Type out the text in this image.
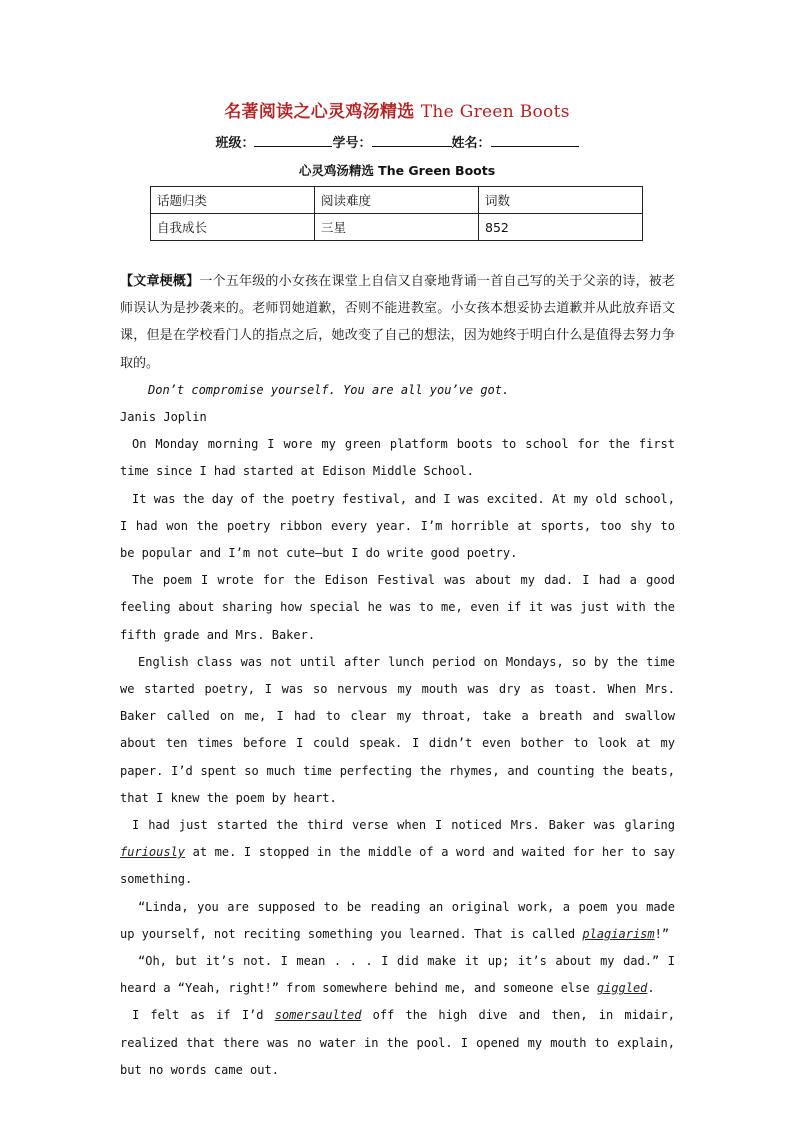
名著阅读之心灵鸡汤精选 The Green Boots
班级：	学号：	姓名：
心灵鸡汤精选 The Green Boots
话题归类	阅读难度	词数
自我成长	三星	852

【文章梗概】一个五年级的小女孩在课堂上自信又自豪地背诵一首自己写的关于父亲的诗，被老师误认为是抄袭来的。老师罚她道歉，否则不能进教室。小女孩本想妥协去道歉并从此放弃语文课，但是在学校看门人的指点之后，她改变了自己的想法，因为她终于明白什么是值得去努力争取的。

Don’t compromise yourself. You are all you’ve got.

Janis Joplin

On Monday morning I wore my green platform boots to school for the first time since I had started at Edison Middle School.

It was the day of the poetry festival, and I was excited. At my old school, I had won the poetry ribbon every year. I’m horrible at sports, too shy to be popular and I’m not cute—but I do write good poetry.

The poem I wrote for the Edison Festival was about my dad. I had a good feeling about sharing how special he was to me, even if it was just with the fifth grade and Mrs. Baker.

English class was not until after lunch period on Mondays, so by the time we started poetry, I was so nervous my mouth was dry as toast. When Mrs. Baker called on me, I had to clear my throat, take a breath and swallow about ten times before I could speak. I didn’t even bother to look at my paper. I’d spent so much time perfecting the rhymes, and counting the beats, that I knew the poem by heart.

I had just started the third verse when I noticed Mrs. Baker was glaring furiously at me. I stopped in the middle of a word and waited for her to say something.

“Linda, you are supposed to be reading an original work, a poem you made up yourself, not reciting something you learned. That is called plagiarism!”

“Oh, but it’s not. I mean . . . I did make it up; it’s about my dad.” I heard a “Yeah, right!” from somewhere behind me, and someone else giggled.

I felt as if I’d somersaulted off the high dive and then, in midair, realized that there was no water in the pool. I opened my mouth to explain, but no words came out.
